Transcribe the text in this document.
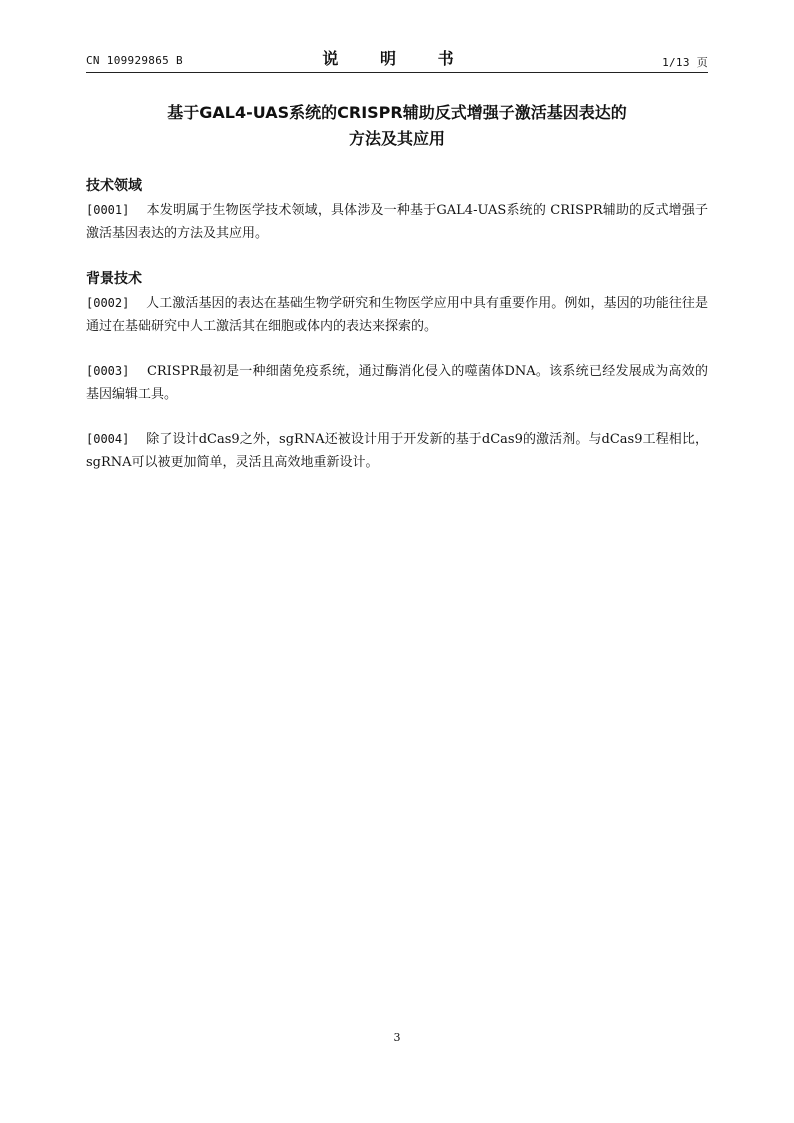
CN 109929865 B	说 明 书	1/13 页
基于GAL4-UAS系统的CRISPR辅助反式增强子激活基因表达的
方法及其应用
技术领域
[0001] 本发明属于生物医学技术领域，具体涉及一种基于GAL4-UAS系统的 CRISPR辅助的反式增强子激活基因表达的方法及其应用。
背景技术
[0002] 人工激活基因的表达在基础生物学研究和生物医学应用中具有重要作用。例如，基因的功能往往是通过在基础研究中人工激活其在细胞或体内的表达来探索的。
[0003] CRISPR最初是一种细菌免疫系统，通过酶消化侵入的噬菌体DNA。该系统已经发展成为高效的基因编辑工具。
[0004] 除了设计dCas9之外，sgRNA还被设计用于开发新的基于dCas9的激活剂。与dCas9工程相比，sgRNA可以被更加简单，灵活且高效地重新设计。
3
